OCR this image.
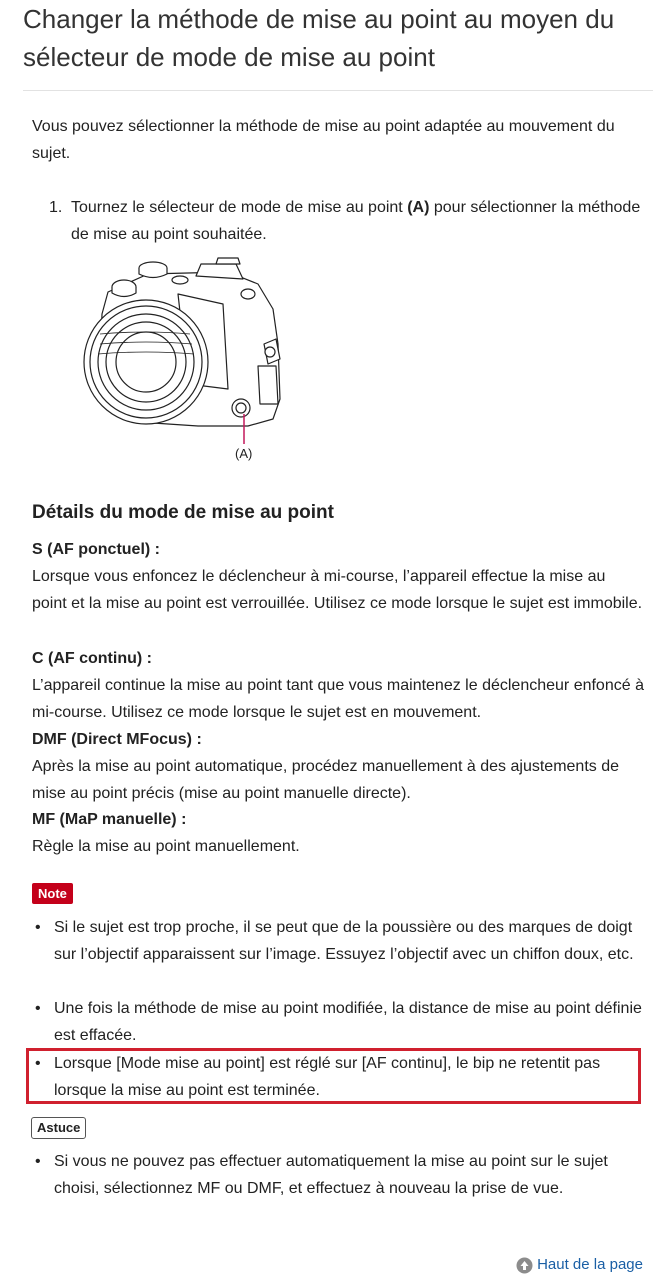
Changer la méthode de mise au point au moyen du sélecteur de mode de mise au point

Vous pouvez sélectionner la méthode de mise au point adaptée au mouvement du sujet.

1. Tournez le sélecteur de mode de mise au point (A) pour sélectionner la méthode de mise au point souhaitée.
(A)
Détails du mode de mise au point
S (AF ponctuel) :
Lorsque vous enfoncez le déclencheur à mi-course, l’appareil effectue la mise au point et la mise au point est verrouillée. Utilisez ce mode lorsque le sujet est immobile.
C (AF continu) :
L’appareil continue la mise au point tant que vous maintenez le déclencheur enfoncé à mi-course. Utilisez ce mode lorsque le sujet est en mouvement.
DMF (Direct MFocus) :
Après la mise au point automatique, procédez manuellement à des ajustements de mise au point précis (mise au point manuelle directe).
MF (MaP manuelle) :
Règle la mise au point manuellement.
Note
• Si le sujet est trop proche, il se peut que de la poussière ou des marques de doigt sur l’objectif apparaissent sur l’image. Essuyez l’objectif avec un chiffon doux, etc.
• Une fois la méthode de mise au point modifiée, la distance de mise au point définie est effacée.
• Lorsque [Mode mise au point] est réglé sur [AF continu], le bip ne retentit pas lorsque la mise au point est terminée.
Astuce
• Si vous ne pouvez pas effectuer automatiquement la mise au point sur le sujet choisi, sélectionnez MF ou DMF, et effectuez à nouveau la prise de vue.
Haut de la page
